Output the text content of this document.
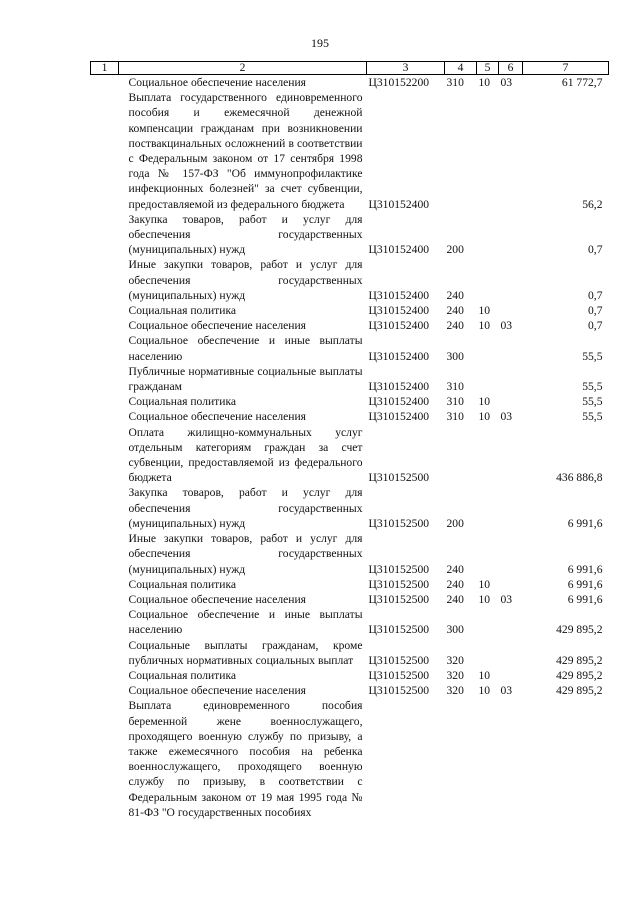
195
1	2	3	4	5	6	7
	Социальное обеспечение населения	Ц310152200	310	10	03	61 772,7
	Выплата государственного единовременного пособия и ежемесячной денежной компенсации гражданам при возникновении поствакцинальных осложнений в соответствии с Федеральным законом от 17 сентября 1998 года № 157-ФЗ "Об иммунопрофилактике инфекционных болезней" за счет субвенции, предоставляемой из федерального бюджета	Ц310152400				56,2
	Закупка товаров, работ и услуг для обеспечения государственных (муниципальных) нужд	Ц310152400	200			0,7
	Иные закупки товаров, работ и услуг для обеспечения государственных (муниципальных) нужд	Ц310152400	240			0,7
	Социальная политика	Ц310152400	240	10		0,7
	Социальное обеспечение населения	Ц310152400	240	10	03	0,7
	Социальное обеспечение и иные выплаты населению	Ц310152400	300			55,5
	Публичные нормативные социальные выплаты гражданам	Ц310152400	310			55,5
	Социальная политика	Ц310152400	310	10		55,5
	Социальное обеспечение населения	Ц310152400	310	10	03	55,5
	Оплата жилищно-коммунальных услуг отдельным категориям граждан за счет субвенции, предоставляемой из федерального бюджета	Ц310152500				436 886,8
	Закупка товаров, работ и услуг для обеспечения государственных (муниципальных) нужд	Ц310152500	200			6 991,6
	Иные закупки товаров, работ и услуг для обеспечения государственных (муниципальных) нужд	Ц310152500	240			6 991,6
	Социальная политика	Ц310152500	240	10		6 991,6
	Социальное обеспечение населения	Ц310152500	240	10	03	6 991,6
	Социальное обеспечение и иные выплаты населению	Ц310152500	300			429 895,2
	Социальные выплаты гражданам, кроме публичных нормативных социальных выплат	Ц310152500	320			429 895,2
	Социальная политика	Ц310152500	320	10		429 895,2
	Социальное обеспечение населения	Ц310152500	320	10	03	429 895,2
	Выплата единовременного пособия беременной жене военнослужащего, проходящего военную службу по призыву, а также ежемесячного пособия на ребенка военнослужащего, проходящего военную службу по призыву, в соответствии с Федеральным законом от 19 мая 1995 года № 81-ФЗ "О государственных пособиях					
